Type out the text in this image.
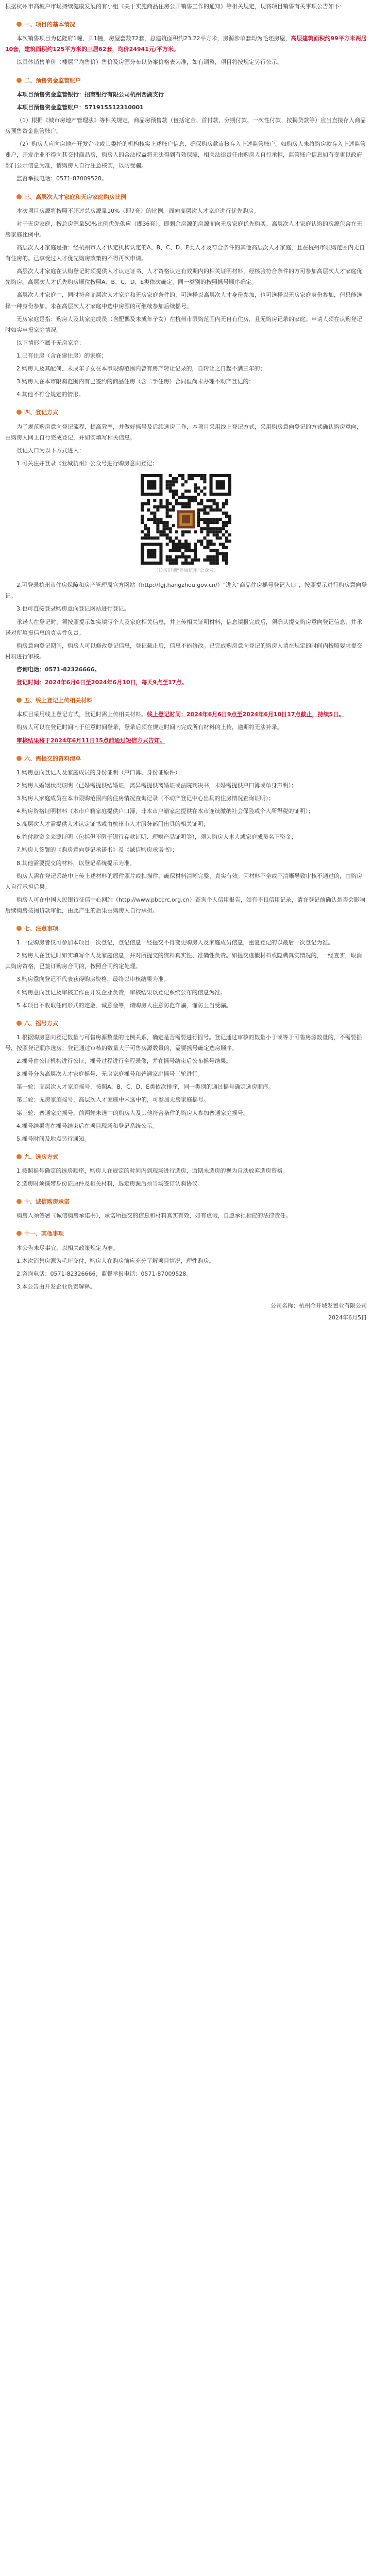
根据杭州市高坡户市场持续健康发展的有小组《关于实施商品住房公开销售工作的通知》等相关规定，现将项目销售有关事项公告如下：

一、项目的基本情况

本次销售项目为亿隆府1幢，共1幢，房屋套数72套，总建筑面积约23.22平方米，房源涉单套均为毛坯房屋，高层建筑面积约99平方米两居10套，建筑面积约125平方米的三居62套，均价24941元/平方米。

以具体销售单价（楼层平均售价）售价及房源分布以备案价格表为准，如有调整，项目将按规定另行公示。

二、预售资金监管账户

本项目预售资金监管银行：招商银行有限公司杭州西湖支行

本项目预售资金监管账户：571915512310001

（1）根据《城市房地产管理法》等相关规定，商品房预售款（包括定金、首付款、分期付款、一次性付款、按揭贷款等）应当直接存入商品房预售资金监管账户。

（2）购房人应向房地产开发企业或其委托的机构核实上述账户信息，确保购房款直接存入上述监管账户。如购房人未将购房款存入上述监管账户，开发企业不得向其交付商品房，购房人的合法权益将无法得到有效保障，相关法律责任由购房人自行承担，监管账户信息如有变更以政府部门公示信息为准，请购房人自行注意核实，以防受骗。

监督举报电话：0571-87009528。

三、高层次人才家庭和无房家庭购房比例

本次项目房源将按照不超过总房源量10%（即7套）的比例，面向高层次人才家庭进行优先购房。

对于无房家庭，按总房源量50%比例优先供应（即36套），即剩余房源的房源面向无房家庭优先购买。高层次人才家庭认购的房源包含在无房家庭比例中。

高层次人才家庭是指：经杭州市人才认定机构认定的A、B、C、D、E类人才及符合条件的其他高层次人才家庭，且在杭州市限购范围内无自有住房的。已享受过人才优先购房政策的不得再次申请。

高层次人才家庭在认购登记时须提供人才认定证书、人才资格认定有效期内的相关证明材料，经核验符合条件的方可参加高层次人才家庭优先购房。高层次人才优先购房顺位按照A、B、C、D、E类依次确定，同一类别的按照摇号顺序确定。

高层次人才家庭中，同时符合高层次人才家庭和无房家庭条件的，可选择以高层次人才身份参加，也可选择以无房家庭身份参加，但只能选择一种身份参加。未在高层次人才家庭中选中房源的可继续参加后续摇号。

无房家庭是指：购房人及其家庭成员（含配偶及未成年子女）在杭州市限购范围内无自有住房，且无购房记录的家庭。申请人须在认购登记时如实申报家庭情况。

以下情形不属于无房家庭：

1.已有住房（含在建住房）的家庭；

2.购房人及其配偶、未成年子女在本市限购范围内曾有房产转让记录的，自转让之日起不满三年的；

3.购房人在本市限购范围内有已签约的商品住房（含二手住房）合同但尚未办理不动产登记的；

4.其他不符合规定的情形。

四、登记方式

为了规范购房意向登记流程，提高效率，并做好摇号及后续选房工作，本项目采用线上登记方式，采用购房意向登记的方式确认购房意向，由购房人网上自行完成登记，并如实填写相关信息。

登记入口为以下方式进入：

1.可关注并登录《亚城杭州》公众号进行购房意向登记；

（长按识别"亚城杭州"公众号）

2.可登录杭州市住房保障和房产管理局官方网站（http://fgj.hangzhou.gov.cn/）"进入"商品住房摇号登记入口"，按照提示进行购房意向登记。

3.也可直接登录购房意向登记网站进行登记。

承诺人在登记时，须按照提示如实填写个人及家庭相关信息，并上传相关证明材料，信息填报完成后，须确认提交购房意向登记信息，并承诺对所填报信息的真实性负责。

购房意向登记期间，购房人可以修改登记信息，登记截止后，信息不能修改。已完成购房意向登记的购房人请在规定的时间内按照要求提交材料进行审核。

咨询电话：0571-82326666。

登记时间：2024年6月6日至2024年6月10日，每天9点至17点。

五、线上登记上传相关材料

本项目采用线上登记方式，登记时需上传相关材料。线上登记时间：2024年6月6日9点至2024年6月10日17点截止，持续5日。

购房人可以在登记时间内于任意时间登录，登录后须在规定时间内完成所有材料的上传，逾期将无法补录。

审核结果将于2024年6月11日15点前通过短信方式告知。

六、需提交的资料清单

1.购房意向登记人及家庭成员的身份证明（户口簿、身份证原件）；

2.购房人婚姻状况证明（已婚需提供结婚证，离异需提供离婚证或法院判决书，未婚需提供户口簿或单身声明）；

3.购房人家庭成员在本市限购范围内的住房情况查询记录（不动产登记中心出具的住房情况查询证明）；

4.购房资格证明材料（本市户籍家庭提供户口簿，非本市户籍家庭提供在本市连续缴纳社会保险或个人所得税的证明）；

5.高层次人才需提供人才认定证书或由杭州市人才服务部门出具的相关证明；

6.首付款资金来源证明（包括但不限于银行存款证明、理财产品证明等），须为购房人本人或家庭成员名下资金；

7.购房人签署的《购房意向登记承诺书》及《诚信购房承诺书》；

8.其他需要提交的材料，以登记系统提示为准。

购房人需在登记系统中上传上述材料的原件照片或扫描件，确保材料清晰完整、真实有效。因材料不全或不清晰导致审核不通过的，由购房人自行承担后果。

购房人可在中国人民银行征信中心网站（http://www.pbccrc.org.cn）查询个人信用报告，如有不良信用记录，请在登记前确认是否会影响后续购房按揭贷款审批，由此产生的后果由购房人自行承担。

七、注意事项

1.一位购房者仅可参加本项目一次登记，登记信息一经提交不得变更购房人及家庭成员信息，重复登记的以最后一次登记为准。

2.购房人在登记时如实填写个人及家庭信息，并对所提交的资料真实性、准确性负责。如提交虚假材料或隐瞒真实情况的，一经查实，取消其购房资格，已签订购房合同的，按照合同约定处理。

3.购房意向登记不代表获得购房资格，最终以审核结果为准。

4.购房意向登记及审核工作由开发企业负责，审核结果以登记系统公布的信息为准。

5.本项目不收取任何形式的定金、诚意金等，请购房人注意防范诈骗，谨防上当受骗。

八、摇号方式

1.根据购房意向登记数量与可售房源数量的比例关系，确定是否需要进行摇号。登记通过审核的数量小于或等于可售房源数量的，不需要摇号，按照登记顺序选房；登记通过审核的数量大于可售房源数量的，需要摇号确定选房顺序。

2.摇号由公证机构进行公证，摇号过程进行全程录像，并在摇号结束后公布摇号结果。

3.摇号分为高层次人才家庭摇号、无房家庭摇号和普通家庭摇号三轮进行。

第一轮：高层次人才家庭摇号，按照A、B、C、D、E类依次排序，同一类别的通过摇号确定选房顺序。

第二轮：无房家庭摇号，高层次人才家庭中未选中的，可参加无房家庭摇号。

第三轮：普通家庭摇号，前两轮未选中的购房人及其他符合条件的购房人参加普通家庭摇号。

4.摇号结果将在摇号结束后在项目现场和登记系统公示。

5.摇号时间及地点另行通知。

九、选房方式

1.按照摇号确定的选房顺序，购房人在规定的时间内到现场进行选房，逾期未选房的视为自动放弃选房资格。

2.选房时须携带身份证原件及相关材料，选定房源后须当场签订认购协议。

十、诚信购房承诺

购房人须签署《诚信购房承诺书》，承诺所提交的信息和材料真实有效，如有虚假，自愿承担相应的法律责任。

十一、其他事项

本公告未尽事宜，以相关政策规定为准。

1.本次销售房源为毛坯交付，购房人在购房前应充分了解项目情况，理性购房。

2.咨询电话：0571-82326666；监督举报电话：0571-87009528。

3.本公告由开发企业负责解释。

公司名称：杭州金开城发置业有限公司

2024年6月5日
